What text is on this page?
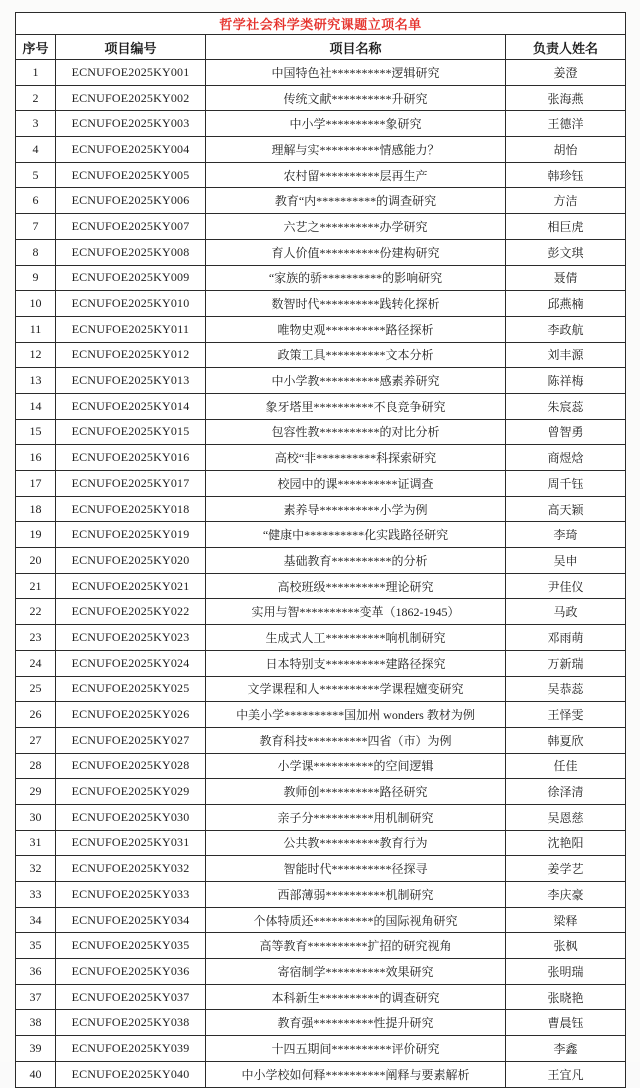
哲学社会科学类研究课题立项名单			
序号	项目编号	项目名称	负责人姓名
1	ECNUFOE2025KY001	中国特色社**********逻辑研究	姜澄
2	ECNUFOE2025KY002	传统文献**********升研究	张海燕
3	ECNUFOE2025KY003	中小学**********象研究	王德洋
4	ECNUFOE2025KY004	理解与实**********情感能力？	胡怡
5	ECNUFOE2025KY005	农村留**********层再生产	韩珍钰
6	ECNUFOE2025KY006	教育“内**********的调查研究	方洁
7	ECNUFOE2025KY007	六艺之**********办学研究	相巨虎
8	ECNUFOE2025KY008	育人价值**********份建构研究	彭文琪
9	ECNUFOE2025KY009	“家族的骄**********的影响研究	聂倩
10	ECNUFOE2025KY010	数智时代**********践转化探析	邱燕楠
11	ECNUFOE2025KY011	唯物史观**********路径探析	李政航
12	ECNUFOE2025KY012	政策工具**********文本分析	刘丰源
13	ECNUFOE2025KY013	中小学教**********感素养研究	陈祥梅
14	ECNUFOE2025KY014	象牙塔里**********不良竞争研究	朱宸蕊
15	ECNUFOE2025KY015	包容性教**********的对比分析	曾智勇
16	ECNUFOE2025KY016	高校“非**********科探索研究	商煜焓
17	ECNUFOE2025KY017	校园中的课**********证调查	周千钰
18	ECNUFOE2025KY018	素养导**********小学为例	高天颖
19	ECNUFOE2025KY019	“健康中**********化实践路径研究	李琦
20	ECNUFOE2025KY020	基础教育**********的分析	吴申
21	ECNUFOE2025KY021	高校班级**********理论研究	尹佳仪
22	ECNUFOE2025KY022	实用与智**********变革（1862-1945）	马政
23	ECNUFOE2025KY023	生成式人工**********响机制研究	邓雨萌
24	ECNUFOE2025KY024	日本特别支**********建路径探究	万新瑞
25	ECNUFOE2025KY025	文学课程和人**********学课程嬗变研究	吴恭蕊
26	ECNUFOE2025KY026	中美小学**********国加州 wonders 教材为例	王怿雯
27	ECNUFOE2025KY027	教育科技**********四省（市）为例	韩夏欣
28	ECNUFOE2025KY028	小学课**********的空间逻辑	任佳
29	ECNUFOE2025KY029	教师创**********路径研究	徐泽清
30	ECNUFOE2025KY030	亲子分**********用机制研究	吴恩慈
31	ECNUFOE2025KY031	公共教**********教育行为	沈艳阳
32	ECNUFOE2025KY032	智能时代**********径探寻	姜学艺
33	ECNUFOE2025KY033	西部薄弱**********机制研究	李庆豪
34	ECNUFOE2025KY034	个体特质还**********的国际视角研究	梁释
35	ECNUFOE2025KY035	高等教育**********扩招的研究视角	张枫
36	ECNUFOE2025KY036	寄宿制学**********效果研究	张明瑞
37	ECNUFOE2025KY037	本科新生**********的调查研究	张晓艳
38	ECNUFOE2025KY038	教育强**********性提升研究	曹晨钰
39	ECNUFOE2025KY039	十四五期间**********评价研究	李鑫
40	ECNUFOE2025KY040	中小学校如何释**********阐释与要素解析	王宜凡
